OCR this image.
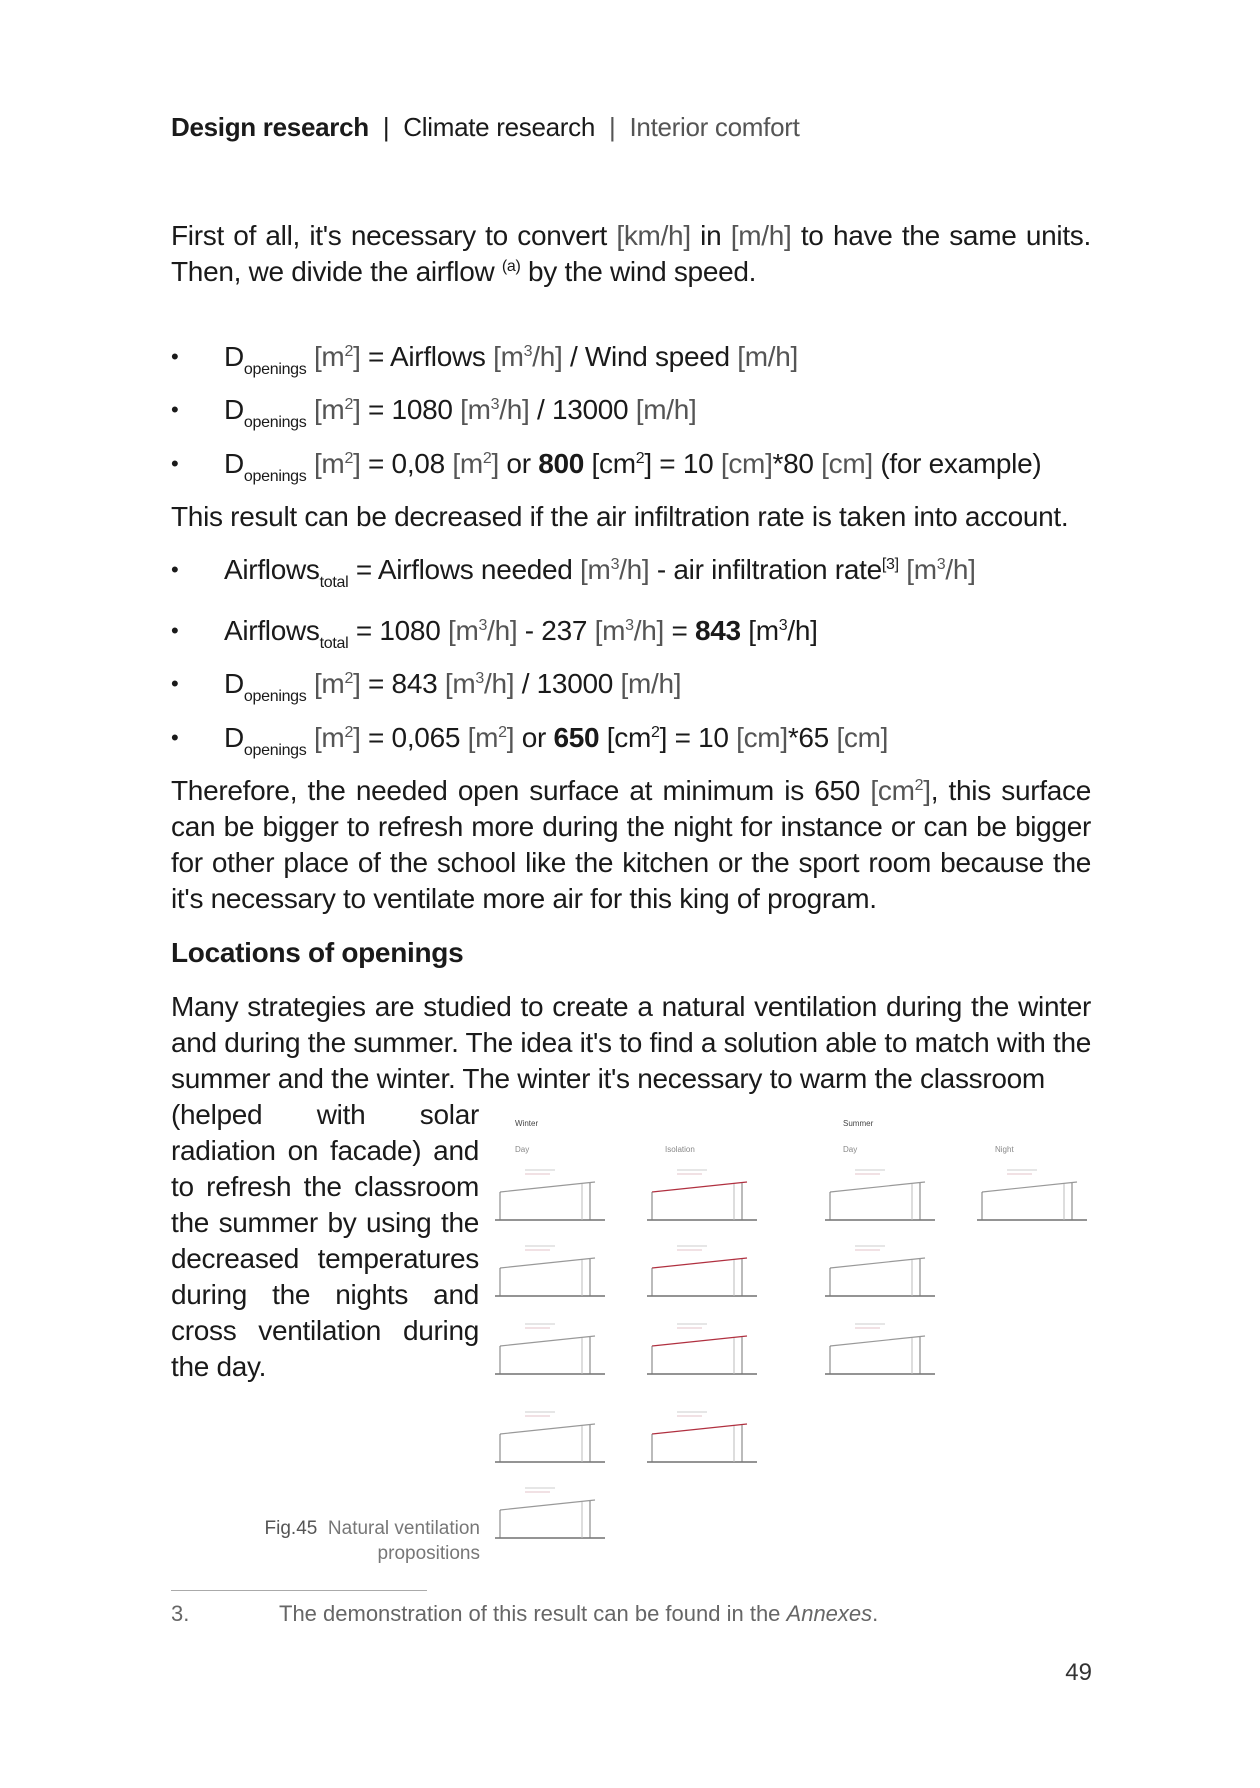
Design research | Climate research | Interior comfort
First of all, it's necessary to convert [km/h] in [m/h] to have the same units.
Then, we divide the airflow $^{(a)}$ by the wind speed.
• $D_{openings}$ $[m^2]$ = Airflows $[m^3/h]$ / Wind speed [m/h]
• $D_{openings}$ $[m^2] = 1080$ $[m^3/h] / 13000$ [m/h]
• $D_{openings}$ $[m^2] = 0,08$ $[m^2]$ or 800 $[cm^2] = 10$ [cm]*80 [cm] (for example)
This result can be decreased if the air infiltration rate is taken into account.
• Airflows$_{total}$ = Airflows needed $[m^3/h]$ - air infiltration rate[3] $[m^3/h]$
• Airflows$_{total}$ = 1080 $[m^3/h] - 237$ $[m^3/h] = 843$ $[m^3/h]$
• $D_{openings}$ $[m^2] = 843$ $[m^3/h] / 13000$ [m/h]
• $D_{openings}$ $[m^2] = 0,065$ $[m^2]$ or 650 $[cm^2] = 10$ [cm]*65 [cm]
Therefore, the needed open surface at minimum is 650 $[cm^2]$, this surface can be bigger to refresh more during the night for instance or can be bigger for other place of the school like the kitchen or the sport room because the it's necessary to ventilate more air for this king of program.
Locations of openings
Many strategies are studied to create a natural ventilation during the winter and during the summer. The idea it's to find a solution able to match with the summer and the winter. The winter it's necessary to warm the classroom
(helped with solar radiation on facade) and to refresh the classroom the summer by using the decreased temperatures during the nights and cross ventilation during the day.
Winter	Summer
Day	Isolation	Day	Night
Fig.45 Natural ventilation propositions
3.	The demonstration of this result can be found in the Annexes.
49
